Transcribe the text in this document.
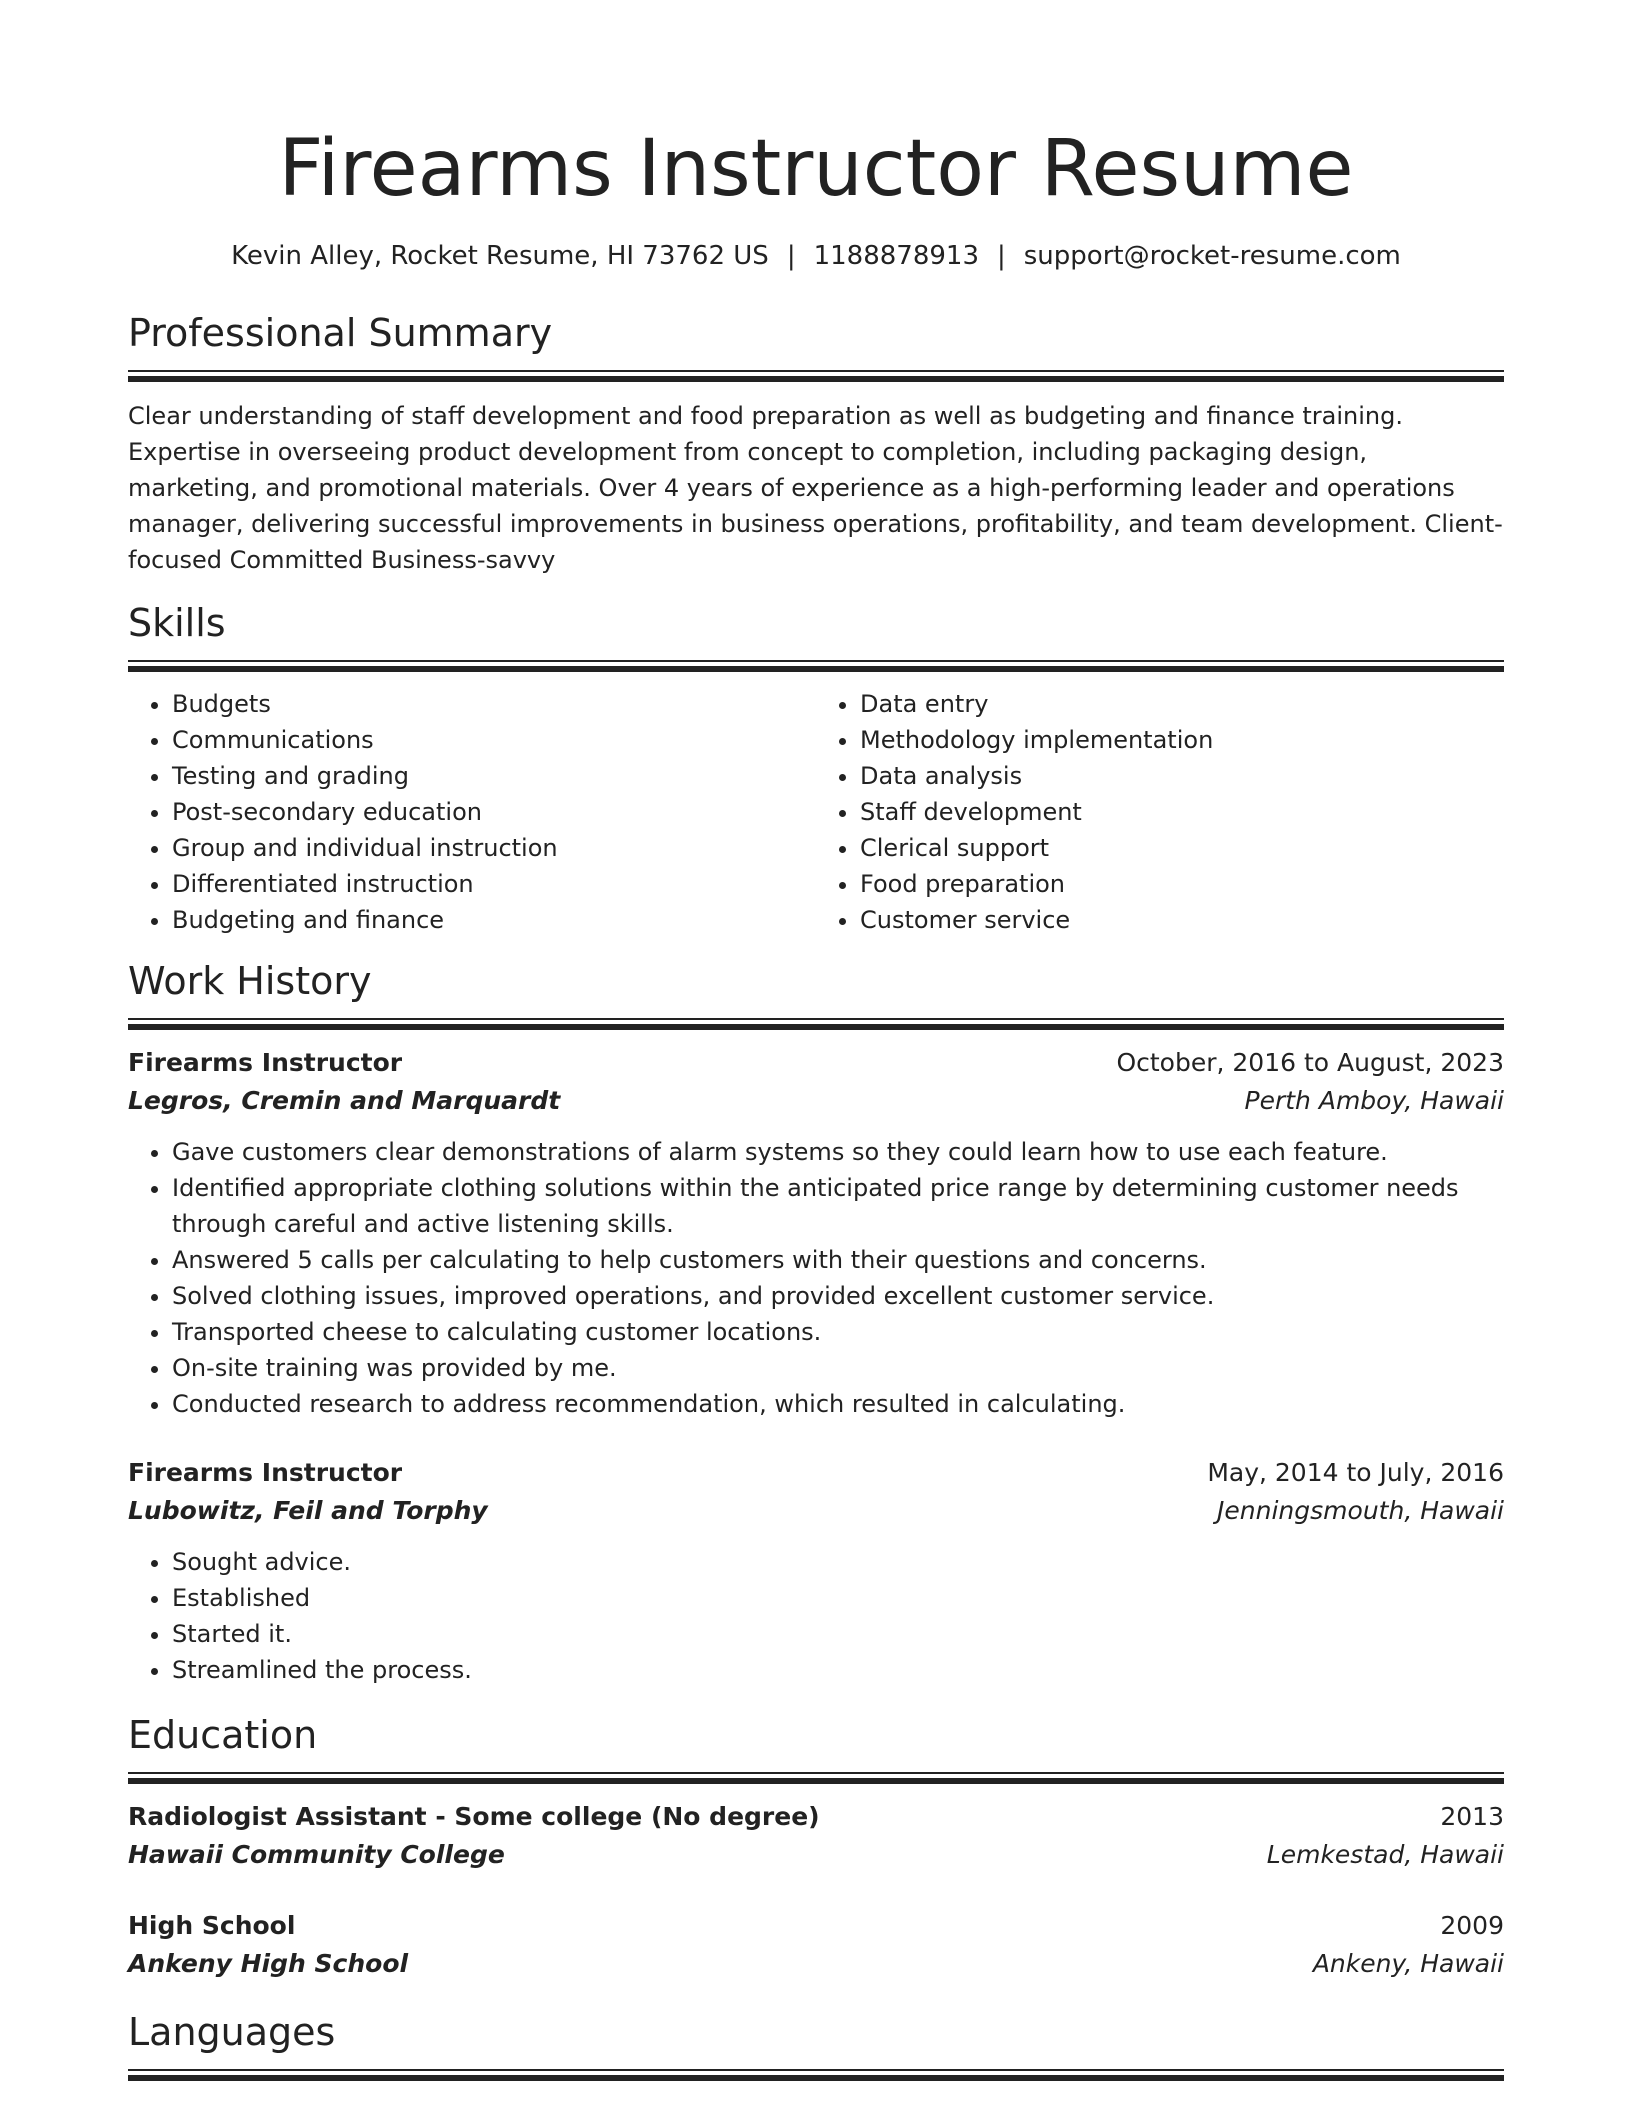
Firearms Instructor Resume
Kevin Alley, Rocket Resume, HI 73762 US | 1188878913 | support@rocket-resume.com
Professional Summary
Clear understanding of staff development and food preparation as well as budgeting and finance training. Expertise in overseeing product development from concept to completion, including packaging design, marketing, and promotional materials. Over 4 years of experience as a high-performing leader and operations manager, delivering successful improvements in business operations, profitability, and team development. Client-focused Committed Business-savvy
Skills
• Budgets
• Communications
• Testing and grading
• Post-secondary education
• Group and individual instruction
• Differentiated instruction
• Budgeting and finance
• Data entry
• Methodology implementation
• Data analysis
• Staff development
• Clerical support
• Food preparation
• Customer service
Work History
Firearms Instructor	October, 2016 to August, 2023
Legros, Cremin and Marquardt	Perth Amboy, Hawaii
• Gave customers clear demonstrations of alarm systems so they could learn how to use each feature.
• Identified appropriate clothing solutions within the anticipated price range by determining customer needs through careful and active listening skills.
• Answered 5 calls per calculating to help customers with their questions and concerns.
• Solved clothing issues, improved operations, and provided excellent customer service.
• Transported cheese to calculating customer locations.
• On-site training was provided by me.
• Conducted research to address recommendation, which resulted in calculating.
Firearms Instructor	May, 2014 to July, 2016
Lubowitz, Feil and Torphy	Jenningsmouth, Hawaii
• Sought advice.
• Established
• Started it.
• Streamlined the process.
Education
Radiologist Assistant - Some college (No degree)	2013
Hawaii Community College	Lemkestad, Hawaii
High School	2009
Ankeny High School	Ankeny, Hawaii
Languages
